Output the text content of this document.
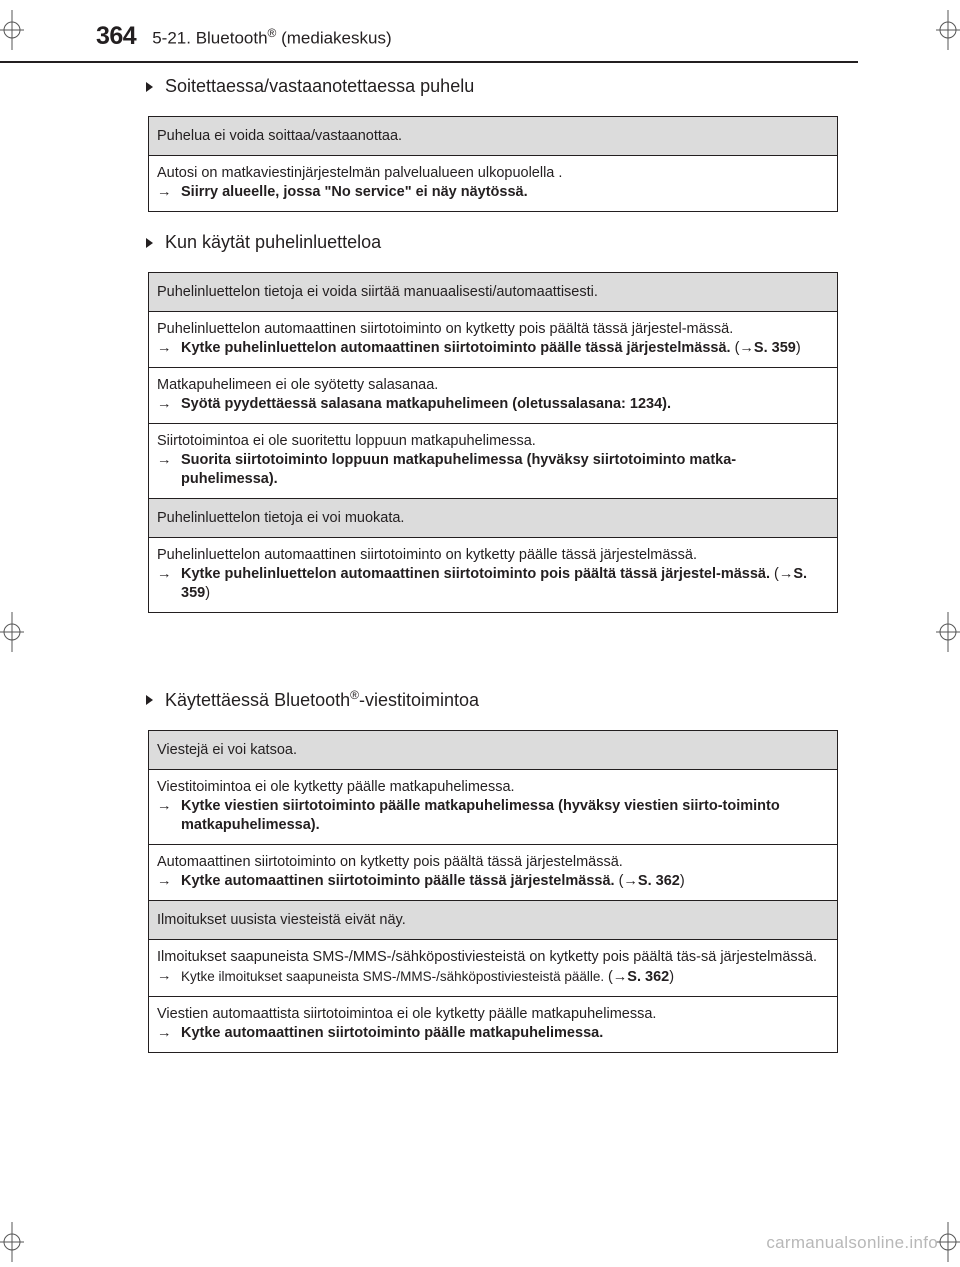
364 5-21. Bluetooth® (mediakeskus)
Soitettaessa/vastaanotettaessa puhelu
Puhelua ei voida soittaa/vastaanottaa.

Autosi on matkaviestinjärjestelmän palvelualueen ulkopuolella .
→ Siirry alueelle, jossa "No service" ei näy näytössä.
Kun käytät puhelinluetteloa
Puhelinluettelon tietoja ei voida siirtää manuaalisesti/automaattisesti.

Puhelinluettelon automaattinen siirtotoiminto on kytketty pois päältä tässä järjestel-mässä.
→ Kytke puhelinluettelon automaattinen siirtotoiminto päälle tässä järjestelmässä. (→S. 359)

Matkapuhelimeen ei ole syötetty salasanaa.
→ Syötä pyydettäessä salasana matkapuhelimeen (oletussalasana: 1234).

Siirtotoimintoa ei ole suoritettu loppuun matkapuhelimessa.
→ Suorita siirtotoiminto loppuun matkapuhelimessa (hyväksy siirtotoiminto matka-puhelimessa).

Puhelinluettelon tietoja ei voi muokata.

Puhelinluettelon automaattinen siirtotoiminto on kytketty päälle tässä järjestelmässä.
→ Kytke puhelinluettelon automaattinen siirtotoiminto pois päältä tässä järjestel-mässä. (→S. 359)
Käytettäessä Bluetooth®-viestitoimintoa
Viestejä ei voi katsoa.

Viestitoimintoa ei ole kytketty päälle matkapuhelimessa.
→ Kytke viestien siirtotoiminto päälle matkapuhelimessa (hyväksy viestien siirto-toiminto matkapuhelimessa).

Automaattinen siirtotoiminto on kytketty pois päältä tässä järjestelmässä.
→ Kytke automaattinen siirtotoiminto päälle tässä järjestelmässä. (→S. 362)

Ilmoitukset uusista viesteistä eivät näy.

Ilmoitukset saapuneista SMS-/MMS-/sähköpostiviesteistä on kytketty pois päältä täs-sä järjestelmässä.
→ Kytke ilmoitukset saapuneista SMS-/MMS-/sähköpostiviesteistä päälle. (→S. 362)

Viestien automaattista siirtotoimintoa ei ole kytketty päälle matkapuhelimessa.
→ Kytke automaattinen siirtotoiminto päälle matkapuhelimessa.
carmanualsonline.info
